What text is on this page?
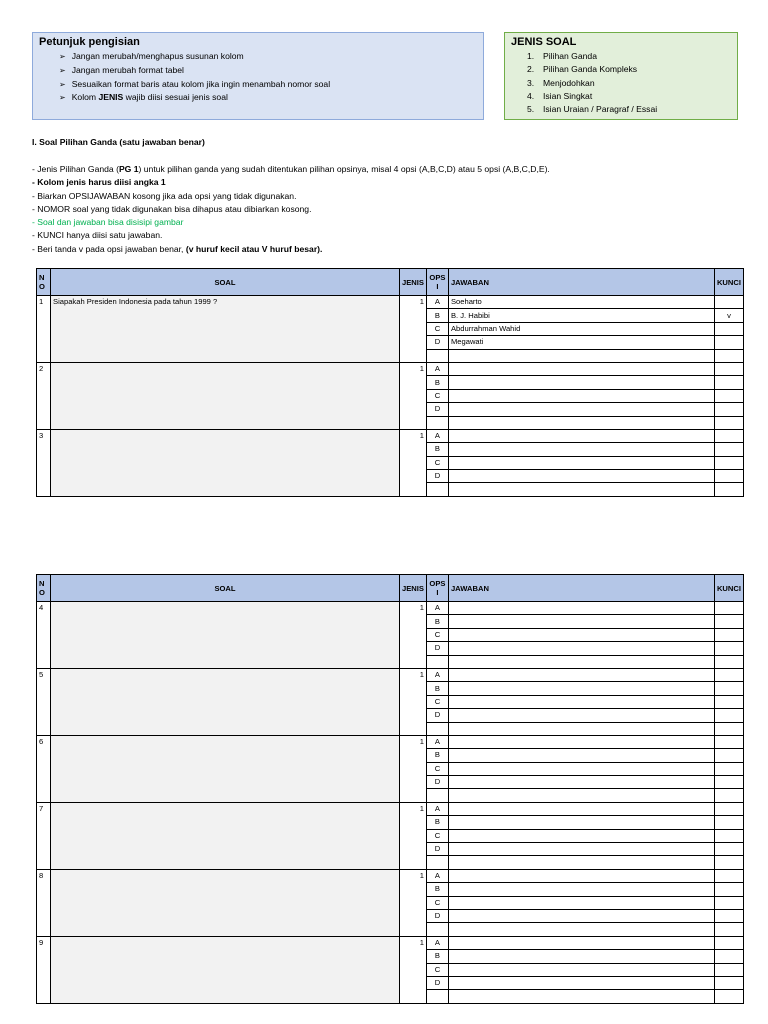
Petunjuk pengisian
➢ Jangan merubah/menghapus susunan kolom
➢ Jangan merubah format tabel
➢ Sesuaikan format baris atau kolom jika ingin menambah nomor soal
➢ Kolom JENIS wajib diisi sesuai jenis soal
JENIS SOAL
1. Pilihan Ganda
2. Pilihan Ganda Kompleks
3. Menjodohkan
4. Isian Singkat
5. Isian Uraian / Paragraf / Essai
I. Soal Pilihan Ganda (satu jawaban benar)
- Jenis Pilihan Ganda (PG 1) untuk pilihan ganda yang sudah ditentukan pilihan opsinya, misal 4 opsi (A,B,C,D) atau 5 opsi (A,B,C,D,E).
- Kolom jenis harus diisi angka 1
- Biarkan OPSIJAWABAN kosong jika ada opsi yang tidak digunakan.
- NOMOR soal yang tidak digunakan bisa dihapus atau dibiarkan kosong.
- Soal dan jawaban bisa disisipi gambar
- KUNCI hanya diisi satu jawaban.
- Beri tanda v pada opsi jawaban benar, (v huruf kecil atau V huruf besar).
N O	SOAL	JENIS	OPS I	JAWABAN	KUNCI
1	Siapakah Presiden Indonesia pada tahun 1999 ?	1	A	Soeharto	
			B	B. J. Habibi	v
			C	Abdurrahman Wahid	
			D	Megawati	

2		1	A		
			B		
			C		
			D		

3		1	A		
			B		
			C		
			D		

N O	SOAL	JENIS	OPS I	JAWABAN	KUNCI
4		1	A		
			B		
			C		
			D		

5		1	A		
			B		
			C		
			D		

6		1	A		
			B		
			C		
			D		

7		1	A		
			B		
			C		
			D		

8		1	A		
			B		
			C		
			D		

9		1	A		
			B		
			C		
			D		
